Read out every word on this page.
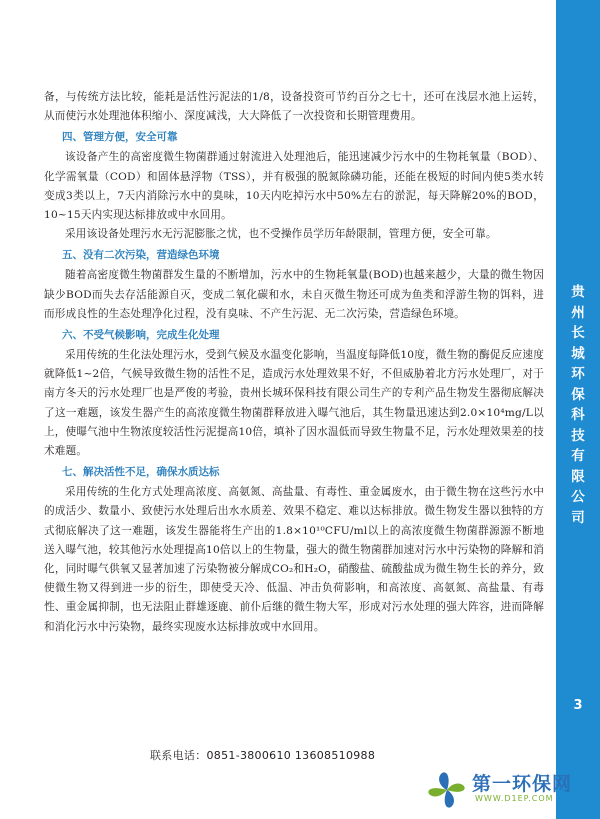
备，与传统方法比较，能耗是活性污泥法的1/8，设备投资可节约百分之七十，还可在浅层水池上运转，从而使污水处理池体积缩小、深度减浅，大大降低了一次投资和长期管理费用。

四、管理方便，安全可靠

该设备产生的高密度微生物菌群通过射流进入处理池后，能迅速减少污水中的生物耗氧量（BOD）、化学需氧量（COD）和固体悬浮物（TSS），并有极强的脱氮除磷功能，还能在极短的时间内使5类水转变成3类以上，7天内消除污水中的臭味，10天内吃掉污水中50%左右的淤泥，每天降解20%的BOD，10~15天内实现达标排放或中水回用。

采用该设备处理污水无污泥膨胀之忧，也不受操作员学历年龄限制，管理方便，安全可靠。

五、没有二次污染，营造绿色环境

随着高密度微生物菌群发生量的不断增加，污水中的生物耗氧量(BOD)也越来越少，大量的微生物因缺少BOD而失去存活能源自灭，变成二氧化碳和水，未自灭微生物还可成为鱼类和浮游生物的饵料，进而形成良性的生态处理净化过程，没有臭味、不产生污泥、无二次污染，营造绿色环境。

六、不受气候影响，完成生化处理

采用传统的生化法处理污水，受到气候及水温变化影响，当温度每降低10度，微生物的酶促反应速度就降低1~2倍，气候导致微生物的活性不足，造成污水处理效果不好，不但威胁着北方污水处理厂，对于南方冬天的污水处理厂也是严俊的考验，贵州长城环保科技有限公司生产的专利产品生物发生器彻底解决了这一难题，该发生器产生的高浓度微生物菌群释放进入曝气池后，其生物量迅速达到2.0×10⁴mg/L以上，使曝气池中生物浓度较活性污泥提高10倍，填补了因水温低而导致生物量不足，污水处理效果差的技术难题。

七、解决活性不足，确保水质达标

采用传统的生化方式处理高浓度、高氨氮、高盐量、有毒性、重金属废水，由于微生物在这些污水中的成活少、数量小、致使污水处理后出水水质差、效果不稳定、难以达标排放。微生物发生器以独特的方式彻底解决了这一难题，该发生器能将生产出的1.8×10¹⁰CFU/ml以上的高浓度微生物菌群源源不断地送入曝气池，较其他污水处理提高10倍以上的生物量，强大的微生物菌群加速对污水中污染物的降解和消化，同时曝气供氧又显著加速了污染物被分解成CO₂和H₂O，硝酸盐、硫酸盐成为微生物生长的养分，致使微生物又得到进一步的衍生，即使受天冷、低温、冲击负荷影响，和高浓度、高氨氮、高盐量、有毒性、重金属抑制，也无法阻止群雄逐鹿、前仆后继的微生物大军，形成对污水处理的强大阵容，进而降解和消化污水中污染物，最终实现废水达标排放或中水回用。

贵
州
长
城
环
保
科
技
有
限
公
司
3
联系电话：0851-3800610 13608510988
第一环保网
WWW.D1EP.COM
